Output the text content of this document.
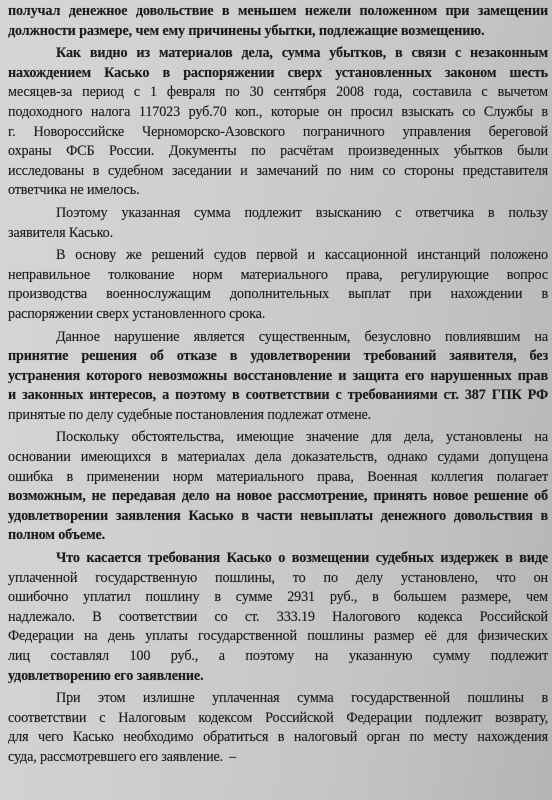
получал денежное довольствие в меньшем нежели положенном при замещении
должности размере, чем ему причинены убытки, подлежащие возмещению.
Как видно из материалов дела, сумма убытков, в связи с незаконным
нахождением Касько в распоряжении сверх установленных законом шесть
месяцев-за период с 1 февраля по 30 сентября 2008 года, составила с вычетом
подоходного налога 117023 руб.70 коп., которые он просил взыскать со Службы в
г. Новороссийске Черноморско-Азовского пограничного управления береговой
охраны ФСБ России. Документы по расчётам произведенных убытков были
исследованы в судебном заседании и замечаний по ним со стороны представителя
ответчика не имелось.
Поэтому указанная сумма подлежит взысканию с ответчика в пользу
заявителя Касько.
В основу же решений судов первой и кассационной инстанций положено
неправильное толкование норм материального права, регулирующие вопрос
производства военнослужащим дополнительных выплат при нахождении в
распоряжении сверх установленного срока.
Данное нарушение является существенным, безусловно повлиявшим на
принятие решения об отказе в удовлетворении требований заявителя, без
устранения которого невозможны восстановление и защита его нарушенных прав
и законных интересов, а поэтому в соответствии с требованиями ст. 387 ГПК РФ
принятые по делу судебные постановления подлежат отмене.
Поскольку обстоятельства, имеющие значение для дела, установлены на
основании имеющихся в материалах дела доказательств, однако судами допущена
ошибка в применении норм материального права, Военная коллегия полагает
возможным, не передавая дело на новое рассмотрение, принять новое решение об
удовлетворении заявления Касько в части невыплаты денежного довольствия в
полном объеме.
Что касается требования Касько о возмещении судебных издержек в виде
уплаченной государственную пошлины, то по делу установлено, что он
ошибочно уплатил пошлину в сумме 2931 руб., в большем размере, чем
надлежало. В соответствии со ст. 333.19 Налогового кодекса Российской
Федерации на день уплаты государственной пошлины размер её для физических
лиц составлял 100 руб., а поэтому на указанную сумму подлежит
удовлетворению его заявление.
При этом излишне уплаченная сумма государственной пошлины в
соответствии с Налоговым кодексом Российской Федерации подлежит возврату,
для чего Касько необходимо обратиться в налоговый орган по месту нахождения
суда, рассмотревшего его заявление. –
